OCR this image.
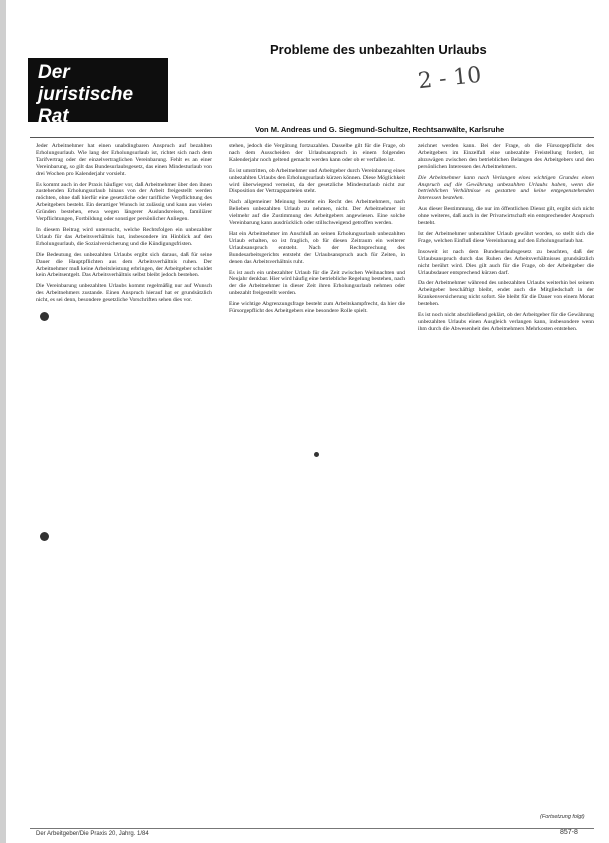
Der juristische Rat
Probleme des unbezahlten Urlaubs
2 - 10
Von M. Andreas und G. Siegmund-Schultze, Rechtsanwälte, Karlsruhe

Jeder Arbeitnehmer hat einen unabdingbaren Anspruch auf bezahlten Erholungsurlaub. Wie lang der Erholungsurlaub ist, richtet sich nach dem Tarifvertrag oder der einzelvertraglichen Vereinbarung. Fehlt es an einer Vereinbarung, so gilt das Bundesurlaubsgesetz, das einen Mindesturlaub von drei Wochen pro Kalenderjahr vorsieht.

Es kommt auch in der Praxis häufiger vor, daß Arbeitnehmer über den ihnen zustehenden Erholungsurlaub hinaus von der Arbeit freigestellt werden möchten, ohne daß hierfür eine gesetzliche oder tarifliche Verpflichtung des Arbeitgebers besteht. Ein derartiger Wunsch ist zulässig und kann aus vielen Gründen bestehen, etwa wegen längerer Auslandsreisen, familiärer Verpflichtungen, Fortbildung oder sonstiger persönlicher Anliegen.

In diesem Beitrag wird untersucht, welche Rechtsfolgen ein unbezahlter Urlaub für das Arbeitsverhältnis hat, insbesondere im Hinblick auf den Erholungsurlaub, die Sozialversicherung und die Kündigungsfristen.

Die Bedeutung des unbezahlten Urlaubs ergibt sich daraus, daß für seine Dauer die Hauptpflichten aus dem Arbeitsverhältnis ruhen. Der Arbeitnehmer muß keine Arbeitsleistung erbringen, der Arbeitgeber schuldet kein Arbeitsentgelt. Das Arbeitsverhältnis selbst bleibt jedoch bestehen.

Die Vereinbarung unbezahlten Urlaubs kommt regelmäßig nur auf Wunsch des Arbeitnehmers zustande. Einen Anspruch hierauf hat er grundsätzlich nicht, es sei denn, besondere gesetzliche Vorschriften sehen dies vor.

stehen, jedoch die Vergütung fortzuzahlen. Dasselbe gilt für die Frage, ob nach dem Ausscheiden der Urlaubsanspruch in einem folgenden Kalenderjahr noch geltend gemacht werden kann oder ob er verfallen ist.

Es ist umstritten, ob Arbeitnehmer und Arbeitgeber durch Vereinbarung eines unbezahlten Urlaubs den Erholungsurlaub kürzen können. Diese Möglichkeit wird überwiegend verneint, da der gesetzliche Mindesturlaub nicht zur Disposition der Vertragsparteien steht.

Nach allgemeiner Meinung besteht ein Recht des Arbeitnehmers, nach Belieben unbezahlten Urlaub zu nehmen, nicht. Der Arbeitnehmer ist vielmehr auf die Zustimmung des Arbeitgebers angewiesen. Eine solche Vereinbarung kann ausdrücklich oder stillschweigend getroffen werden.

Hat ein Arbeitnehmer im Anschluß an seinen Erholungsurlaub unbezahlten Urlaub erhalten, so ist fraglich, ob für diesen Zeitraum ein weiterer Urlaubsanspruch entsteht. Nach der Rechtsprechung des Bundesarbeitsgerichts entsteht der Urlaubsanspruch auch für Zeiten, in denen das Arbeitsverhältnis ruht.

Es ist auch ein unbezahlter Urlaub für die Zeit zwischen Weihnachten und Neujahr denkbar. Hier wird häufig eine betriebliche Regelung bestehen, nach der die Arbeitnehmer in dieser Zeit ihren Erholungsurlaub nehmen oder unbezahlt freigestellt werden.

Eine wichtige Abgrenzungsfrage besteht zum Arbeitskampfrecht, da hier die Fürsorgepflicht des Arbeitgebers eine besondere Rolle spielt.

zeichnet werden kann. Bei der Frage, ob die Fürsorgepflicht des Arbeitgebers im Einzelfall eine unbezahlte Freistellung fordert, ist abzuwägen zwischen den betrieblichen Belangen des Arbeitgebers und den persönlichen Interessen des Arbeitnehmers.

Die Arbeitnehmer kann nach Verlangen eines wichtigen Grundes einen Anspruch auf die Gewährung unbezahlten Urlaubs haben, wenn die betrieblichen Verhältnisse es gestatten und keine entgegenstehenden Interessen bestehen.

Aus dieser Bestimmung, die nur im öffentlichen Dienst gilt, ergibt sich nicht ohne weiteres, daß auch in der Privatwirtschaft ein entsprechender Anspruch besteht.

Ist der Arbeitnehmer unbezahlter Urlaub gewährt worden, so stellt sich die Frage, welchen Einfluß diese Vereinbarung auf den Erholungsurlaub hat.

Insoweit ist nach dem Bundesurlaubsgesetz zu beachten, daß der Urlaubsanspruch durch das Ruhen des Arbeitsverhältnisses grundsätzlich nicht berührt wird. Dies gilt auch für die Frage, ob der Arbeitgeber die Urlaubsdauer entsprechend kürzen darf.

Da der Arbeitnehmer während des unbezahlten Urlaubs weiterhin bei seinem Arbeitgeber beschäftigt bleibt, endet auch die Mitgliedschaft in der Krankenversicherung nicht sofort. Sie bleibt für die Dauer von einem Monat bestehen.

Es ist noch nicht abschließend geklärt, ob der Arbeitgeber für die Gewährung unbezahlten Urlaubs einen Ausgleich verlangen kann, insbesondere wenn ihm durch die Abwesenheit des Arbeitnehmers Mehrkosten entstehen.

(Fortsetzung folgt)
Der Arbeitgeber/Die Praxis 20, Jahrg. 1/84	857-8
